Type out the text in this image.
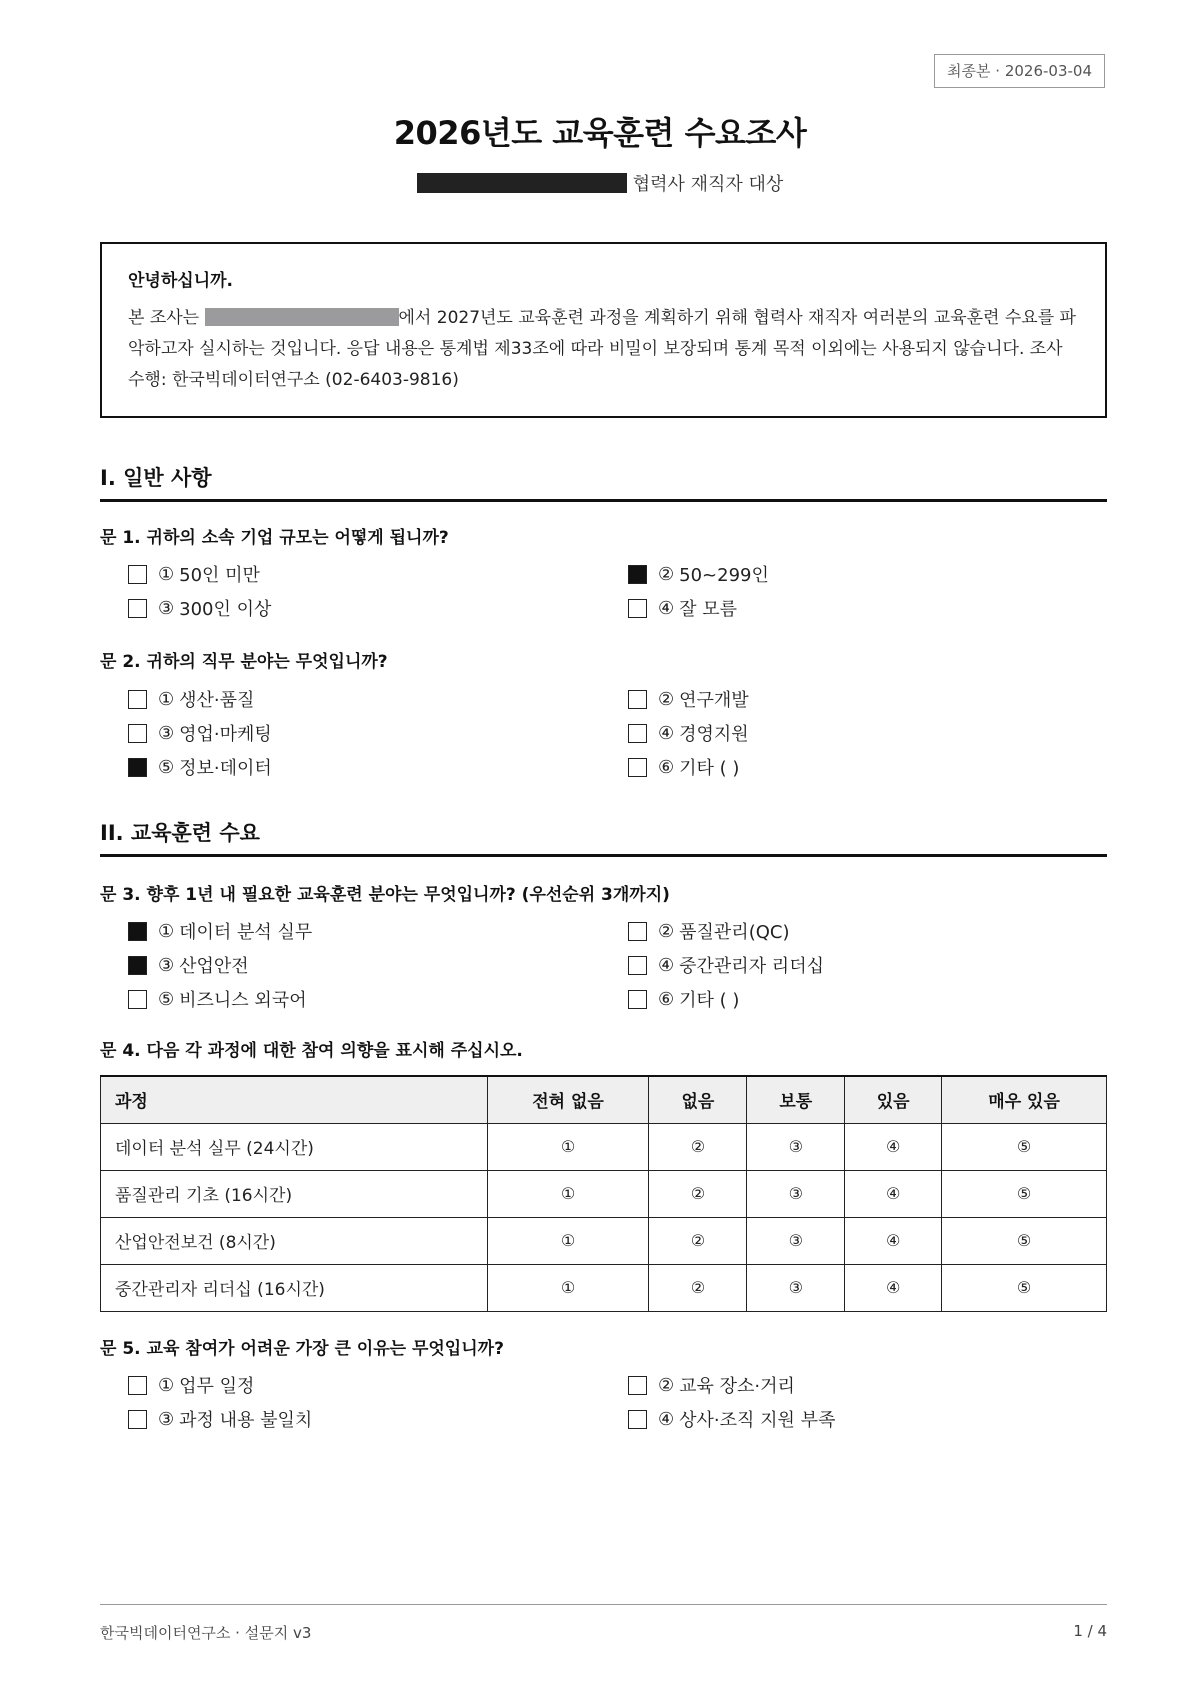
최종본 · 2026-03-04
2026년도 교육훈련 수요조사
협력사 재직자 대상
안녕하십니까.
본 조사는	에서 2027년도 교육훈련 과정을 계획하기 위해 협력사 재직자 여러분의 교육훈련 수요를 파악하고자 실시하는 것입니다. 응답 내용은 통계법 제33조에 따라 비밀이 보장되며 통계 목적 이외에는 사용되지 않습니다. 조사 수행: 한국빅데이터연구소 (02-6403-9816)
I. 일반 사항
문 1. 귀하의 소속 기업 규모는 어떻게 됩니까?
① 50인 미만	② 50~299인
③ 300인 이상	④ 잘 모름
문 2. 귀하의 직무 분야는 무엇입니까?
① 생산·품질	② 연구개발
③ 영업·마케팅	④ 경영지원
⑤ 정보·데이터	⑥ 기타 ( )
II. 교육훈련 수요
문 3. 향후 1년 내 필요한 교육훈련 분야는 무엇입니까? (우선순위 3개까지)
① 데이터 분석 실무	② 품질관리(QC)
③ 산업안전	④ 중간관리자 리더십
⑤ 비즈니스 외국어	⑥ 기타 ( )
문 4. 다음 각 과정에 대한 참여 의향을 표시해 주십시오.
과정	전혀 없음	없음	보통	있음	매우 있음
데이터 분석 실무 (24시간)	①	②	③	④	⑤
품질관리 기초 (16시간)	①	②	③	④	⑤
산업안전보건 (8시간)	①	②	③	④	⑤
중간관리자 리더십 (16시간)	①	②	③	④	⑤
문 5. 교육 참여가 어려운 가장 큰 이유는 무엇입니까?
① 업무 일정	② 교육 장소·거리
③ 과정 내용 불일치	④ 상사·조직 지원 부족
한국빅데이터연구소 · 설문지 v3	1 / 4
